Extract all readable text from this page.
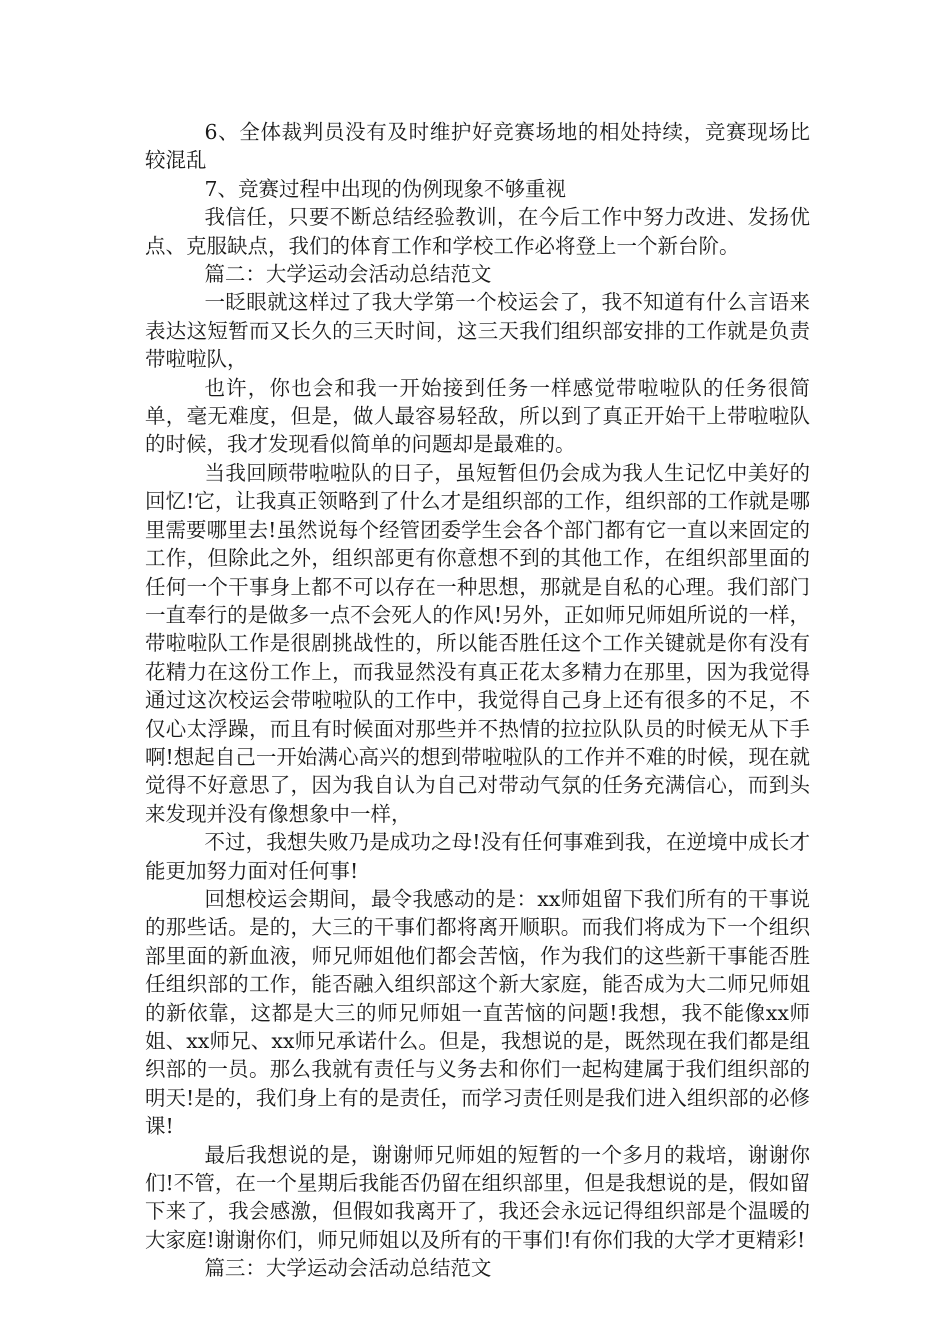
6、全体裁判员没有及时维护好竞赛场地的相处持续，竞赛现场比较混乱

7、竞赛过程中出现的伪例现象不够重视

我信任，只要不断总结经验教训，在今后工作中努力改进、发扬优点、克服缺点，我们的体育工作和学校工作必将登上一个新台阶。

篇二：大学运动会活动总结范文

一眨眼就这样过了我大学第一个校运会了，我不知道有什么言语来表达这短暂而又长久的三天时间，这三天我们组织部安排的工作就是负责带啦啦队，

也许，你也会和我一开始接到任务一样感觉带啦啦队的任务很简单，毫无难度，但是，做人最容易轻敌，所以到了真正开始干上带啦啦队的时候，我才发现看似简单的问题却是最难的。

当我回顾带啦啦队的日子，虽短暂但仍会成为我人生记忆中美好的回忆!它，让我真正领略到了什么才是组织部的工作，组织部的工作就是哪里需要哪里去!虽然说每个经管团委学生会各个部门都有它一直以来固定的工作，但除此之外，组织部更有你意想不到的其他工作，在组织部里面的任何一个干事身上都不可以存在一种思想，那就是自私的心理。我们部门一直奉行的是做多一点不会死人的作风!另外，正如师兄师姐所说的一样，带啦啦队工作是很剧挑战性的，所以能否胜任这个工作关键就是你有没有花精力在这份工作上，而我显然没有真正花太多精力在那里，因为我觉得通过这次校运会带啦啦队的工作中，我觉得自己身上还有很多的不足，不仅心太浮躁，而且有时候面对那些并不热情的拉拉队队员的时候无从下手啊!想起自己一开始满心高兴的想到带啦啦队的工作并不难的时候，现在就觉得不好意思了，因为我自认为自己对带动气氛的任务充满信心，而到头来发现并没有像想象中一样，

不过，我想失败乃是成功之母!没有任何事难到我，在逆境中成长才能更加努力面对任何事!

回想校运会期间，最令我感动的是：xx师姐留下我们所有的干事说的那些话。是的，大三的干事们都将离开顺职。而我们将成为下一个组织部里面的新血液，师兄师姐他们都会苦恼，作为我们的这些新干事能否胜任组织部的工作，能否融入组织部这个新大家庭，能否成为大二师兄师姐的新依靠，这都是大三的师兄师姐一直苦恼的问题!我想，我不能像xx师姐、xx师兄、xx师兄承诺什么。但是，我想说的是，既然现在我们都是组织部的一员。那么我就有责任与义务去和你们一起构建属于我们组织部的明天!是的，我们身上有的是责任，而学习责任则是我们进入组织部的必修课!

最后我想说的是，谢谢师兄师姐的短暂的一个多月的栽培，谢谢你们!不管，在一个星期后我能否仍留在组织部里，但是我想说的是，假如留下来了，我会感激，但假如我离开了，我还会永远记得组织部是个温暖的大家庭!谢谢你们，师兄师姐以及所有的干事们!有你们我的大学才更精彩!

篇三：大学运动会活动总结范文
